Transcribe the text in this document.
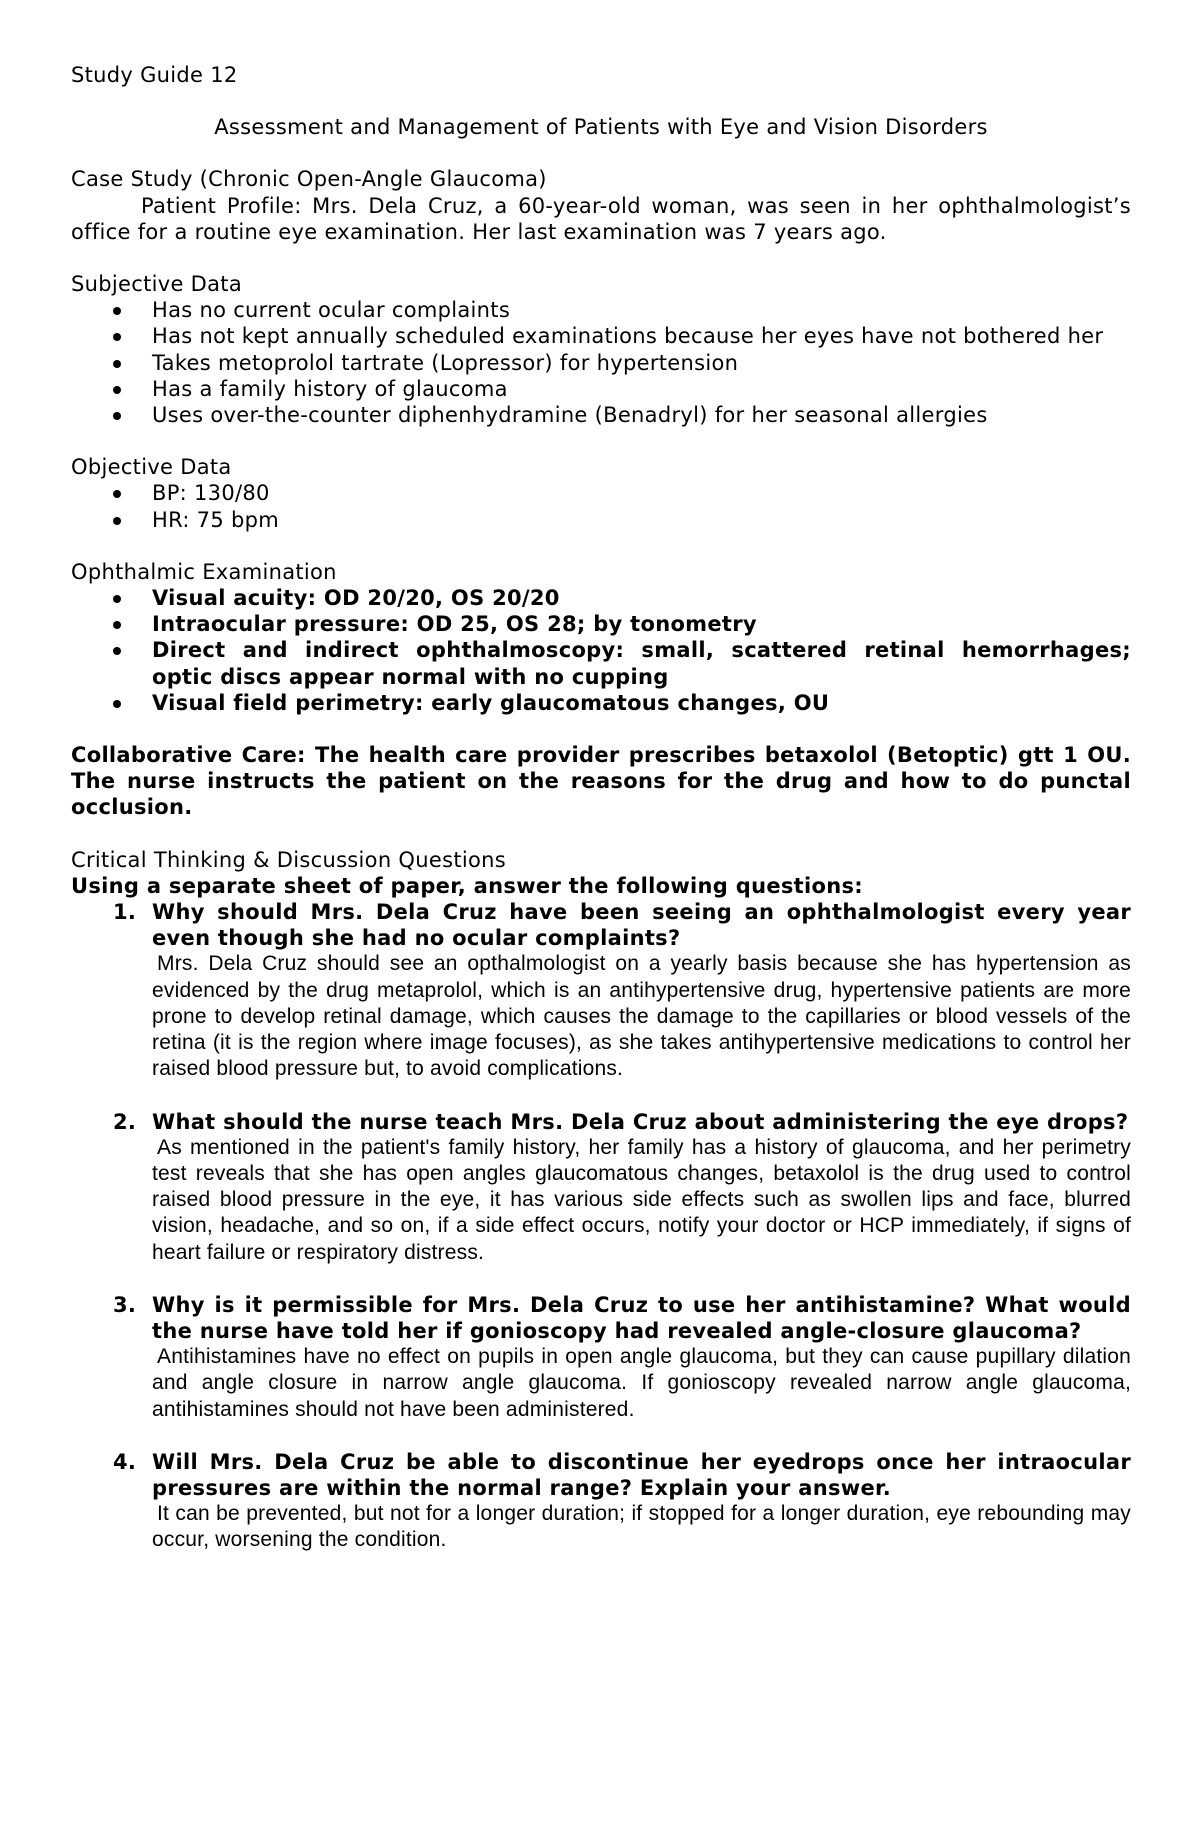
Study Guide 12

Assessment and Management of Patients with Eye and Vision Disorders

Case Study (Chronic Open-Angle Glaucoma)

Patient Profile: Mrs. Dela Cruz, a 60-year-old woman, was seen in her ophthalmologist’s office for a routine eye examination. Her last examination was 7 years ago.

Subjective Data

Has no current ocular complaints
Has not kept annually scheduled examinations because her eyes have not bothered her
Takes metoprolol tartrate (Lopressor) for hypertension
Has a family history of glaucoma
Uses over-the-counter diphenhydramine (Benadryl) for her seasonal allergies

Objective Data

BP: 130/80
HR: 75 bpm

Ophthalmic Examination

Visual acuity: OD 20/20, OS 20/20
Intraocular pressure: OD 25, OS 28; by tonometry
Direct and indirect ophthalmoscopy: small, scattered retinal hemorrhages; optic discs appear normal with no cupping
Visual field perimetry: early glaucomatous changes, OU

Collaborative Care: The health care provider prescribes betaxolol (Betoptic) gtt 1 OU. The nurse instructs the patient on the reasons for the drug and how to do punctal occlusion.

Critical Thinking & Discussion Questions

Using a separate sheet of paper, answer the following questions:

1. Why should Mrs. Dela Cruz have been seeing an ophthalmologist every year even though she had no ocular complaints?

Mrs. Dela Cruz should see an opthalmologist on a yearly basis because she has hypertension as evidenced by the drug metaprolol, which is an antihypertensive drug, hypertensive patients are more prone to develop retinal damage, which causes the damage to the capillaries or blood vessels of the retina (it is the region where image focuses), as she takes antihypertensive medications to control her raised blood pressure but, to avoid complications.

2. What should the nurse teach Mrs. Dela Cruz about administering the eye drops?

As mentioned in the patient's family history, her family has a history of glaucoma, and her perimetry test reveals that she has open angles glaucomatous changes, betaxolol is the drug used to control raised blood pressure in the eye, it has various side effects such as swollen lips and face, blurred vision, headache, and so on, if a side effect occurs, notify your doctor or HCP immediately, if signs of heart failure or respiratory distress.

3. Why is it permissible for Mrs. Dela Cruz to use her antihistamine? What would the nurse have told her if gonioscopy had revealed angle-closure glaucoma?

Antihistamines have no effect on pupils in open angle glaucoma, but they can cause pupillary dilation and angle closure in narrow angle glaucoma. If gonioscopy revealed narrow angle glaucoma, antihistamines should not have been administered.

4. Will Mrs. Dela Cruz be able to discontinue her eyedrops once her intraocular pressures are within the normal range? Explain your answer.

It can be prevented, but not for a longer duration; if stopped for a longer duration, eye rebounding may occur, worsening the condition.
